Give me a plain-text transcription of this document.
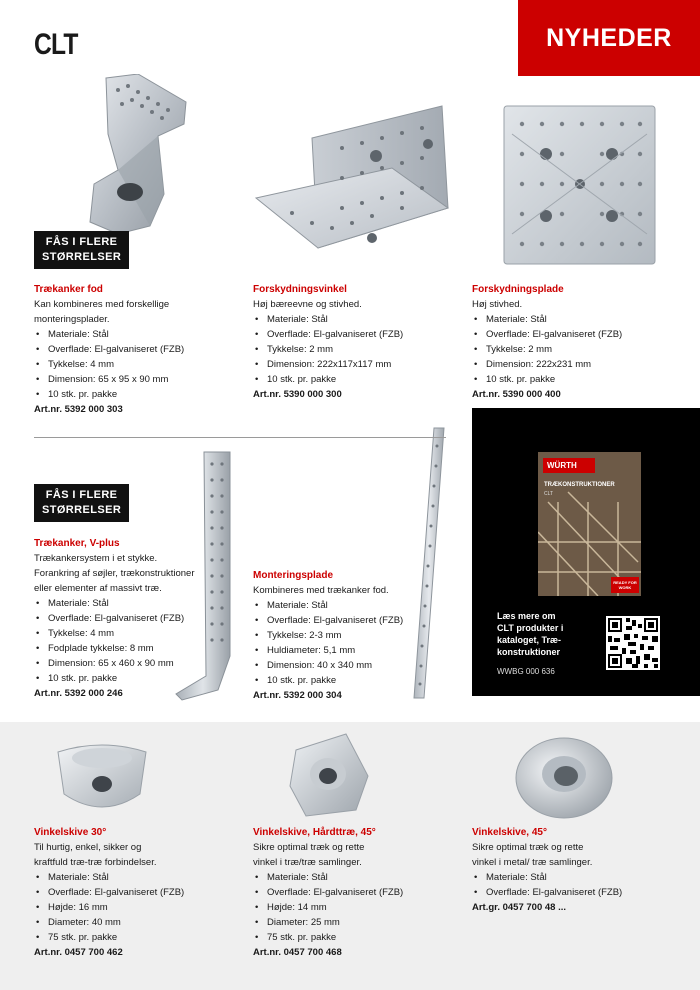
CLT	NYHEDER
FÅS I FLERE
STØRRELSER
FÅS I FLERE
STØRRELSER
Trækanker fod
Kan kombineres med forskellige
monteringsplader.
• Materiale: Stål
• Overflade: El-galvaniseret (FZB)
• Tykkelse: 4 mm
• Dimension: 65 x 95 x 90 mm
• 10 stk. pr. pakke
Art.nr. 5392 000 303
Forskydningsvinkel
Høj bæreevne og stivhed.
• Materiale: Stål
• Overflade: El-galvaniseret (FZB)
• Tykkelse: 2 mm
• Dimension: 222x117x117 mm
• 10 stk. pr. pakke
Art.nr. 5390 000 300
Forskydningsplade
Høj stivhed.
• Materiale: Stål
• Overflade: El-galvaniseret (FZB)
• Tykkelse: 2 mm
• Dimension: 222x231 mm
• 10 stk. pr. pakke
Art.nr. 5390 000 400
Trækanker, V-plus
Trækankersystem i et stykke.
Forankring af søjler, trækonstruktioner
eller elementer af massivt træ.
• Materiale: Stål
• Overflade: El-galvaniseret (FZB)
• Tykkelse: 4 mm
• Fodplade tykkelse: 8 mm
• Dimension: 65 x 460 x 90 mm
• 10 stk. pr. pakke
Art.nr. 5392 000 246
Monteringsplade
Kombineres med trækanker fod.
• Materiale: Stål
• Overflade: El-galvaniseret (FZB)
• Tykkelse: 2-3 mm
• Huldiameter: 5,1 mm
• Dimension: 40 x 340 mm
• 10 stk. pr. pakke
Art.nr. 5392 000 304
WÜRTH
TRÆKONSTRUKTIONER
CLT
READY FOR WORK
Læs mere om
CLT produkter i
kataloget, Træ-
konstruktioner
WWBG 000 636
Vinkelskive 30°
Til hurtig, enkel, sikker og
kraftfuld træ-træ forbindelser.
• Materiale: Stål
• Overflade: El-galvaniseret (FZB)
• Højde: 16 mm
• Diameter: 40 mm
• 75 stk. pr. pakke
Art.nr. 0457 700 462
Vinkelskive, Hårdttræ, 45°
Sikre optimal træk og rette
vinkel i træ/træ samlinger.
• Materiale: Stål
• Overflade: El-galvaniseret (FZB)
• Højde: 14 mm
• Diameter: 25 mm
• 75 stk. pr. pakke
Art.nr. 0457 700 468
Vinkelskive, 45°
Sikre optimal træk og rette
vinkel i metal/ træ samlinger.
• Materiale: Stål
• Overflade: El-galvaniseret (FZB)
Art.gr. 0457 700 48 ...
